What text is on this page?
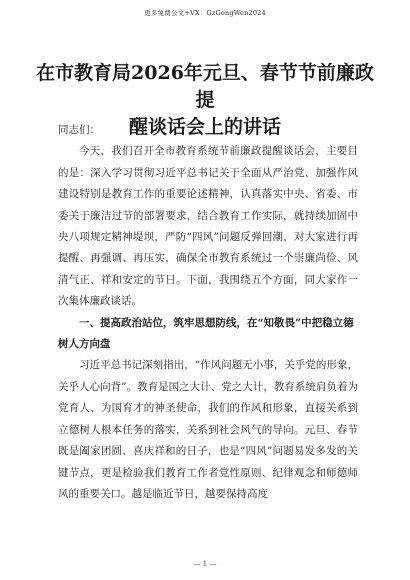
更多免费公文+VX：GzGongWen2024
在市教育局2026年元旦、春节节前廉政提
醒谈话会上的讲话

同志们：

今天，我们召开全市教育系统节前廉政提醒谈话会，主要目的是：深入学习贯彻习近平总书记关于全面从严治党、加强作风建设特别是教育工作的重要论述精神，认真落实中央、省委、市委关于廉洁过节的部署要求，结合教育工作实际，就持续加固中央八项规定精神堤坝，严防“四风”问题反弹回潮，对大家进行再提醒、再强调、再压实，确保全市教育系统过一个崇廉尚俭、风清气正、祥和安定的节日。下面，我围绕五个方面，同大家作一次集体廉政谈话。

一、提高政治站位，筑牢思想防线，在“知敬畏”中把稳立德树人方向盘

习近平总书记深刻指出，“作风问题无小事，关乎党的形象，关乎人心向背”。教育是国之大计、党之大计，教育系统肩负着为党育人、为国育才的神圣使命，我们的作风和形象，直接关系到立德树人根本任务的落实，关系到社会风气的导向。元旦、春节既是阖家团圆、喜庆祥和的日子，也是“四风”问题易发多发的关键节点，更是检验我们教育工作者党性原则、纪律观念和师德师风的重要关口。越是临近节日，越要保持高度

— 1 —
